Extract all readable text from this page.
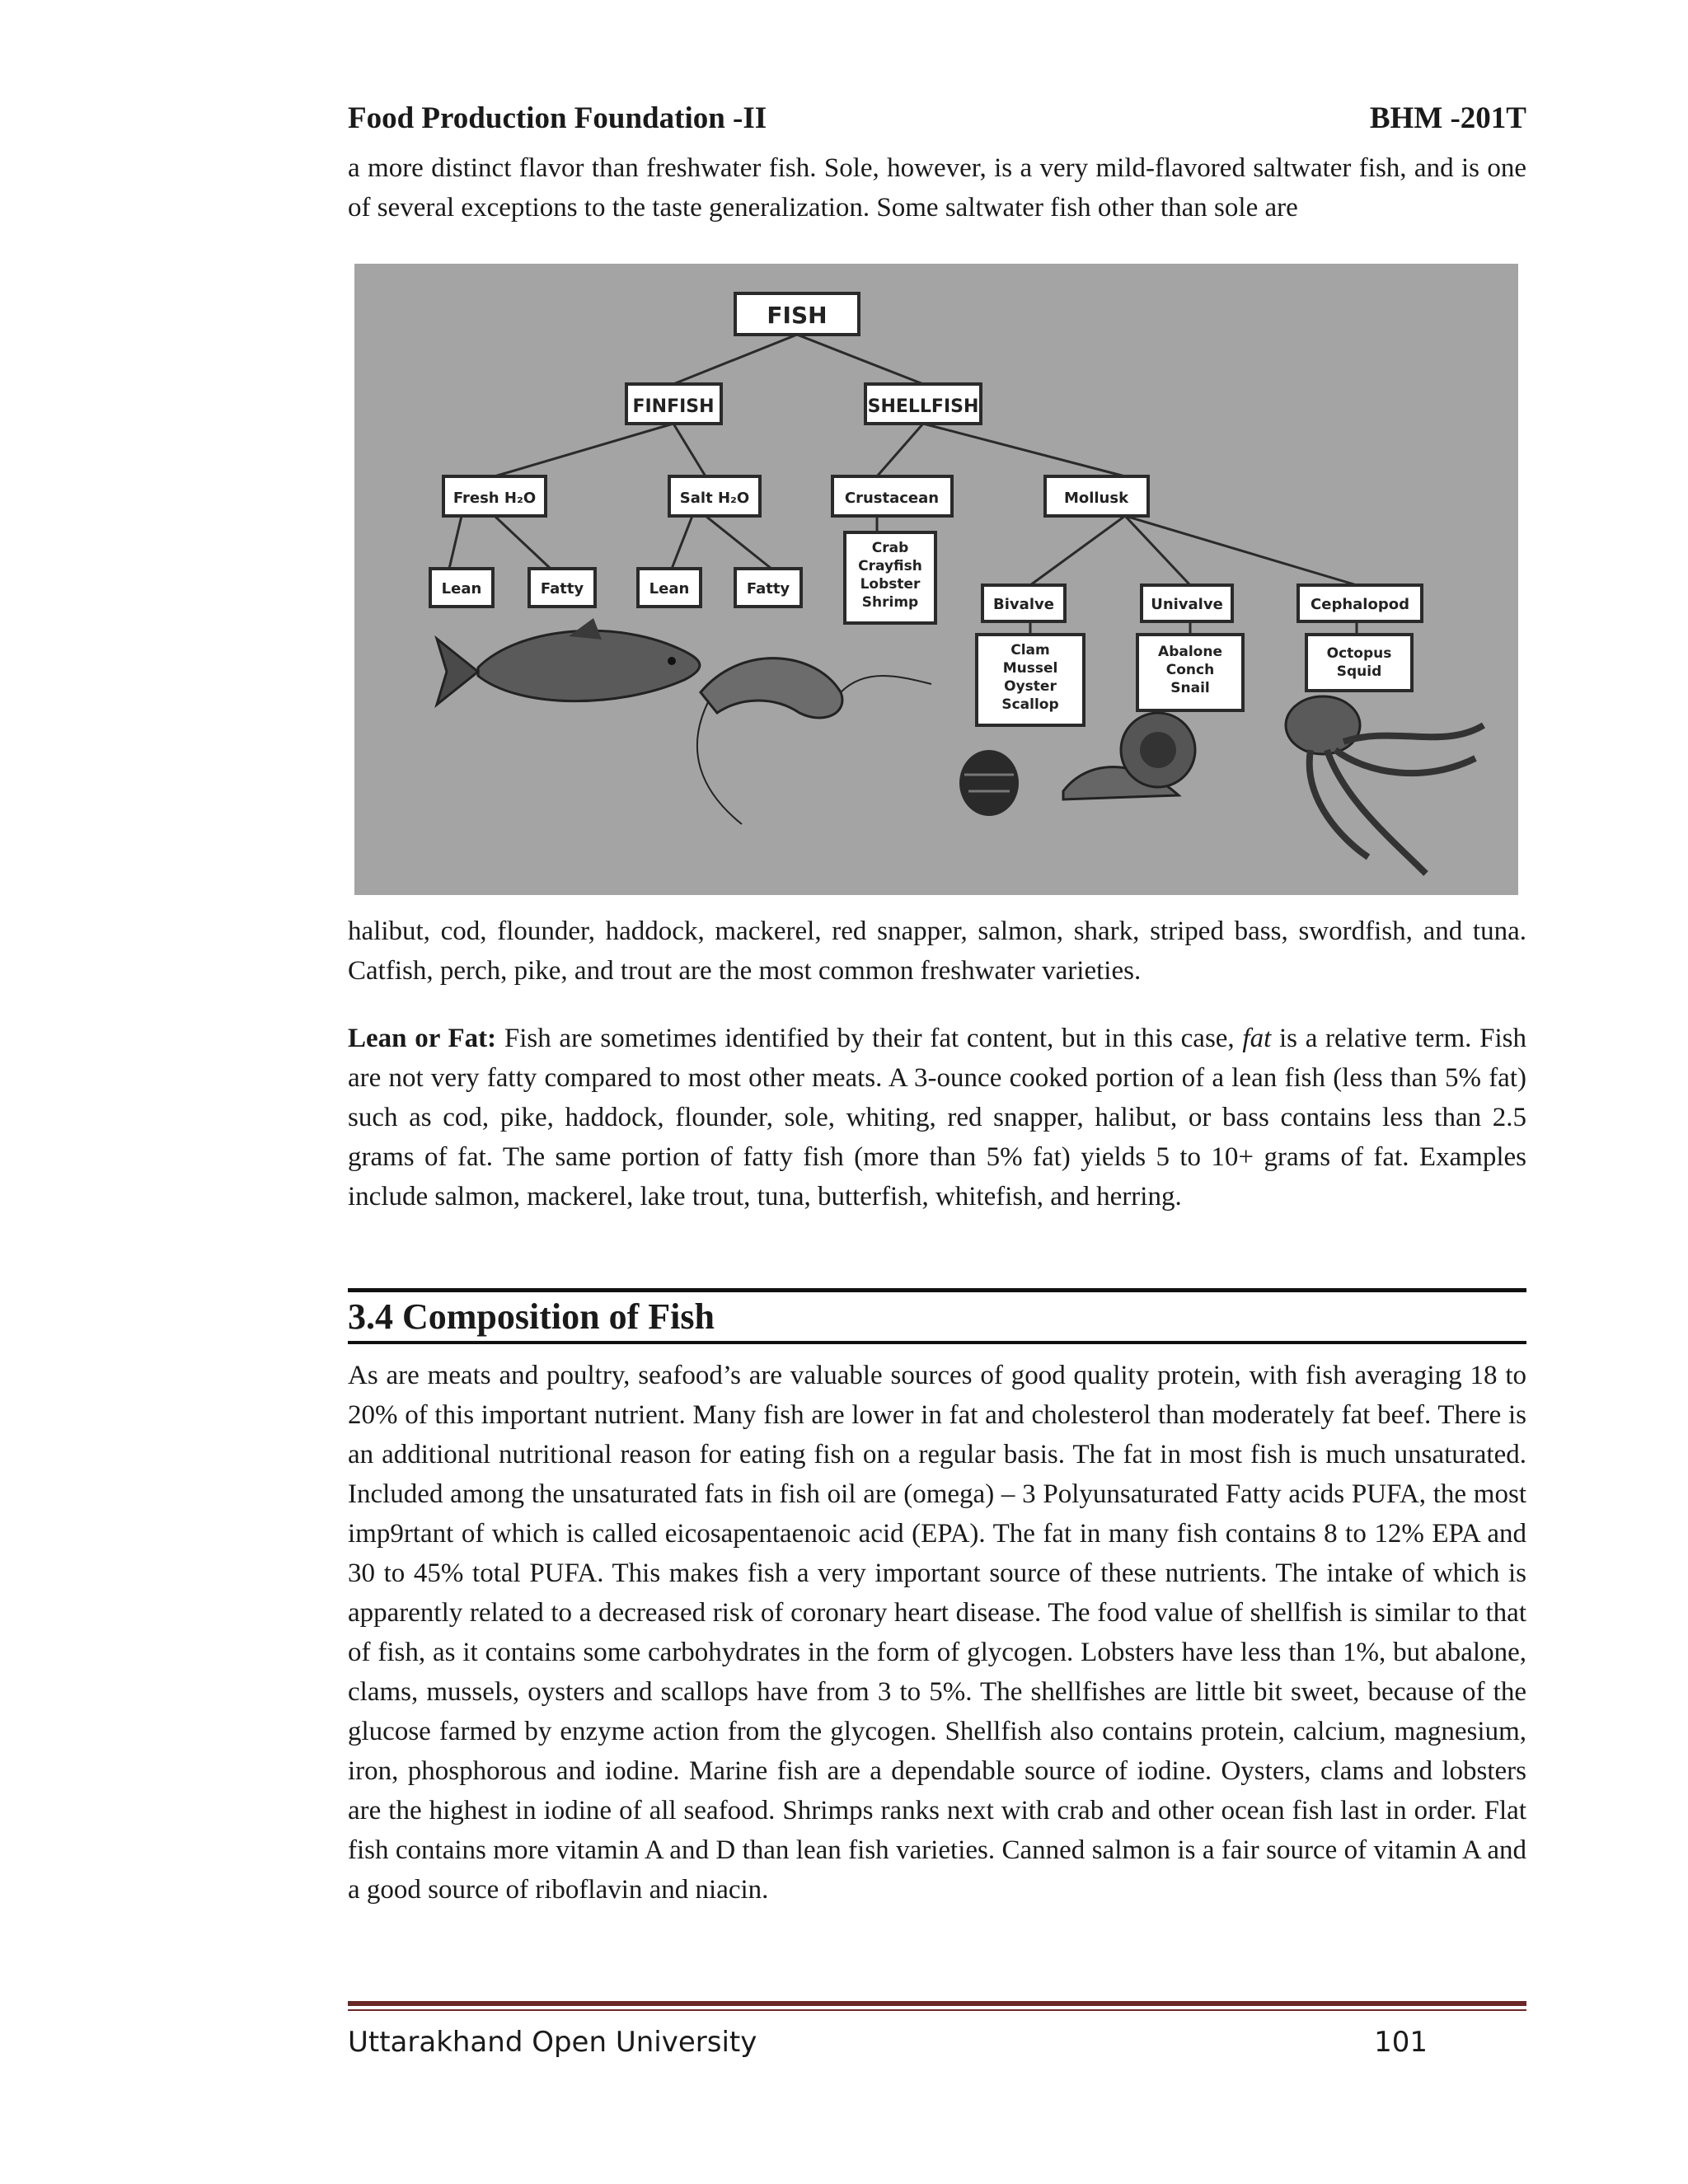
Food Production Foundation -II	BHM -201T

a more distinct flavor than freshwater fish. Sole, however, is a very mild-flavored saltwater fish, and is one of several exceptions to the taste generalization. Some saltwater fish other than sole are

FISH
FINFISH	SHELLFISH
Fresh H₂O	Salt H₂O	Crustacean	Mollusk
Lean	Fatty	Lean	Fatty
Crab
Crayfish
Lobster
Shrimp	Bivalve	Univalve	Cephalopod
Clam
Mussel
Oyster
Scallop
Abalone
Conch
Snail
Octopus
Squid

halibut, cod, flounder, haddock, mackerel, red snapper, salmon, shark, striped bass, swordfish, and tuna. Catfish, perch, pike, and trout are the most common freshwater varieties.

Lean or Fat: Fish are sometimes identified by their fat content, but in this case, fat is a relative term. Fish are not very fatty compared to most other meats. A 3-ounce cooked portion of a lean fish (less than 5% fat) such as cod, pike, haddock, flounder, sole, whiting, red snapper, halibut, or bass contains less than 2.5 grams of fat. The same portion of fatty fish (more than 5% fat) yields 5 to 10+ grams of fat. Examples include salmon, mackerel, lake trout, tuna, butterfish, whitefish, and herring.

3.4 Composition of Fish

As are meats and poultry, seafood’s are valuable sources of good quality protein, with fish averaging 18 to 20% of this important nutrient. Many fish are lower in fat and cholesterol than moderately fat beef. There is an additional nutritional reason for eating fish on a regular basis. The fat in most fish is much unsaturated. Included among the unsaturated fats in fish oil are (omega) – 3 Polyunsaturated Fatty acids PUFA, the most imp9rtant of which is called eicosapentaenoic acid (EPA). The fat in many fish contains 8 to 12% EPA and 30 to 45% total PUFA. This makes fish a very important source of these nutrients. The intake of which is apparently related to a decreased risk of coronary heart disease. The food value of shellfish is similar to that of fish, as it contains some carbohydrates in the form of glycogen. Lobsters have less than 1%, but abalone, clams, mussels, oysters and scallops have from 3 to 5%. The shellfishes are little bit sweet, because of the glucose farmed by enzyme action from the glycogen. Shellfish also contains protein, calcium, magnesium, iron, phosphorous and iodine. Marine fish are a dependable source of iodine. Oysters, clams and lobsters are the highest in iodine of all seafood. Shrimps ranks next with crab and other ocean fish last in order. Flat fish contains more vitamin A and D than lean fish varieties. Canned salmon is a fair source of vitamin A and a good source of riboflavin and niacin.

Uttarakhand Open University	101
